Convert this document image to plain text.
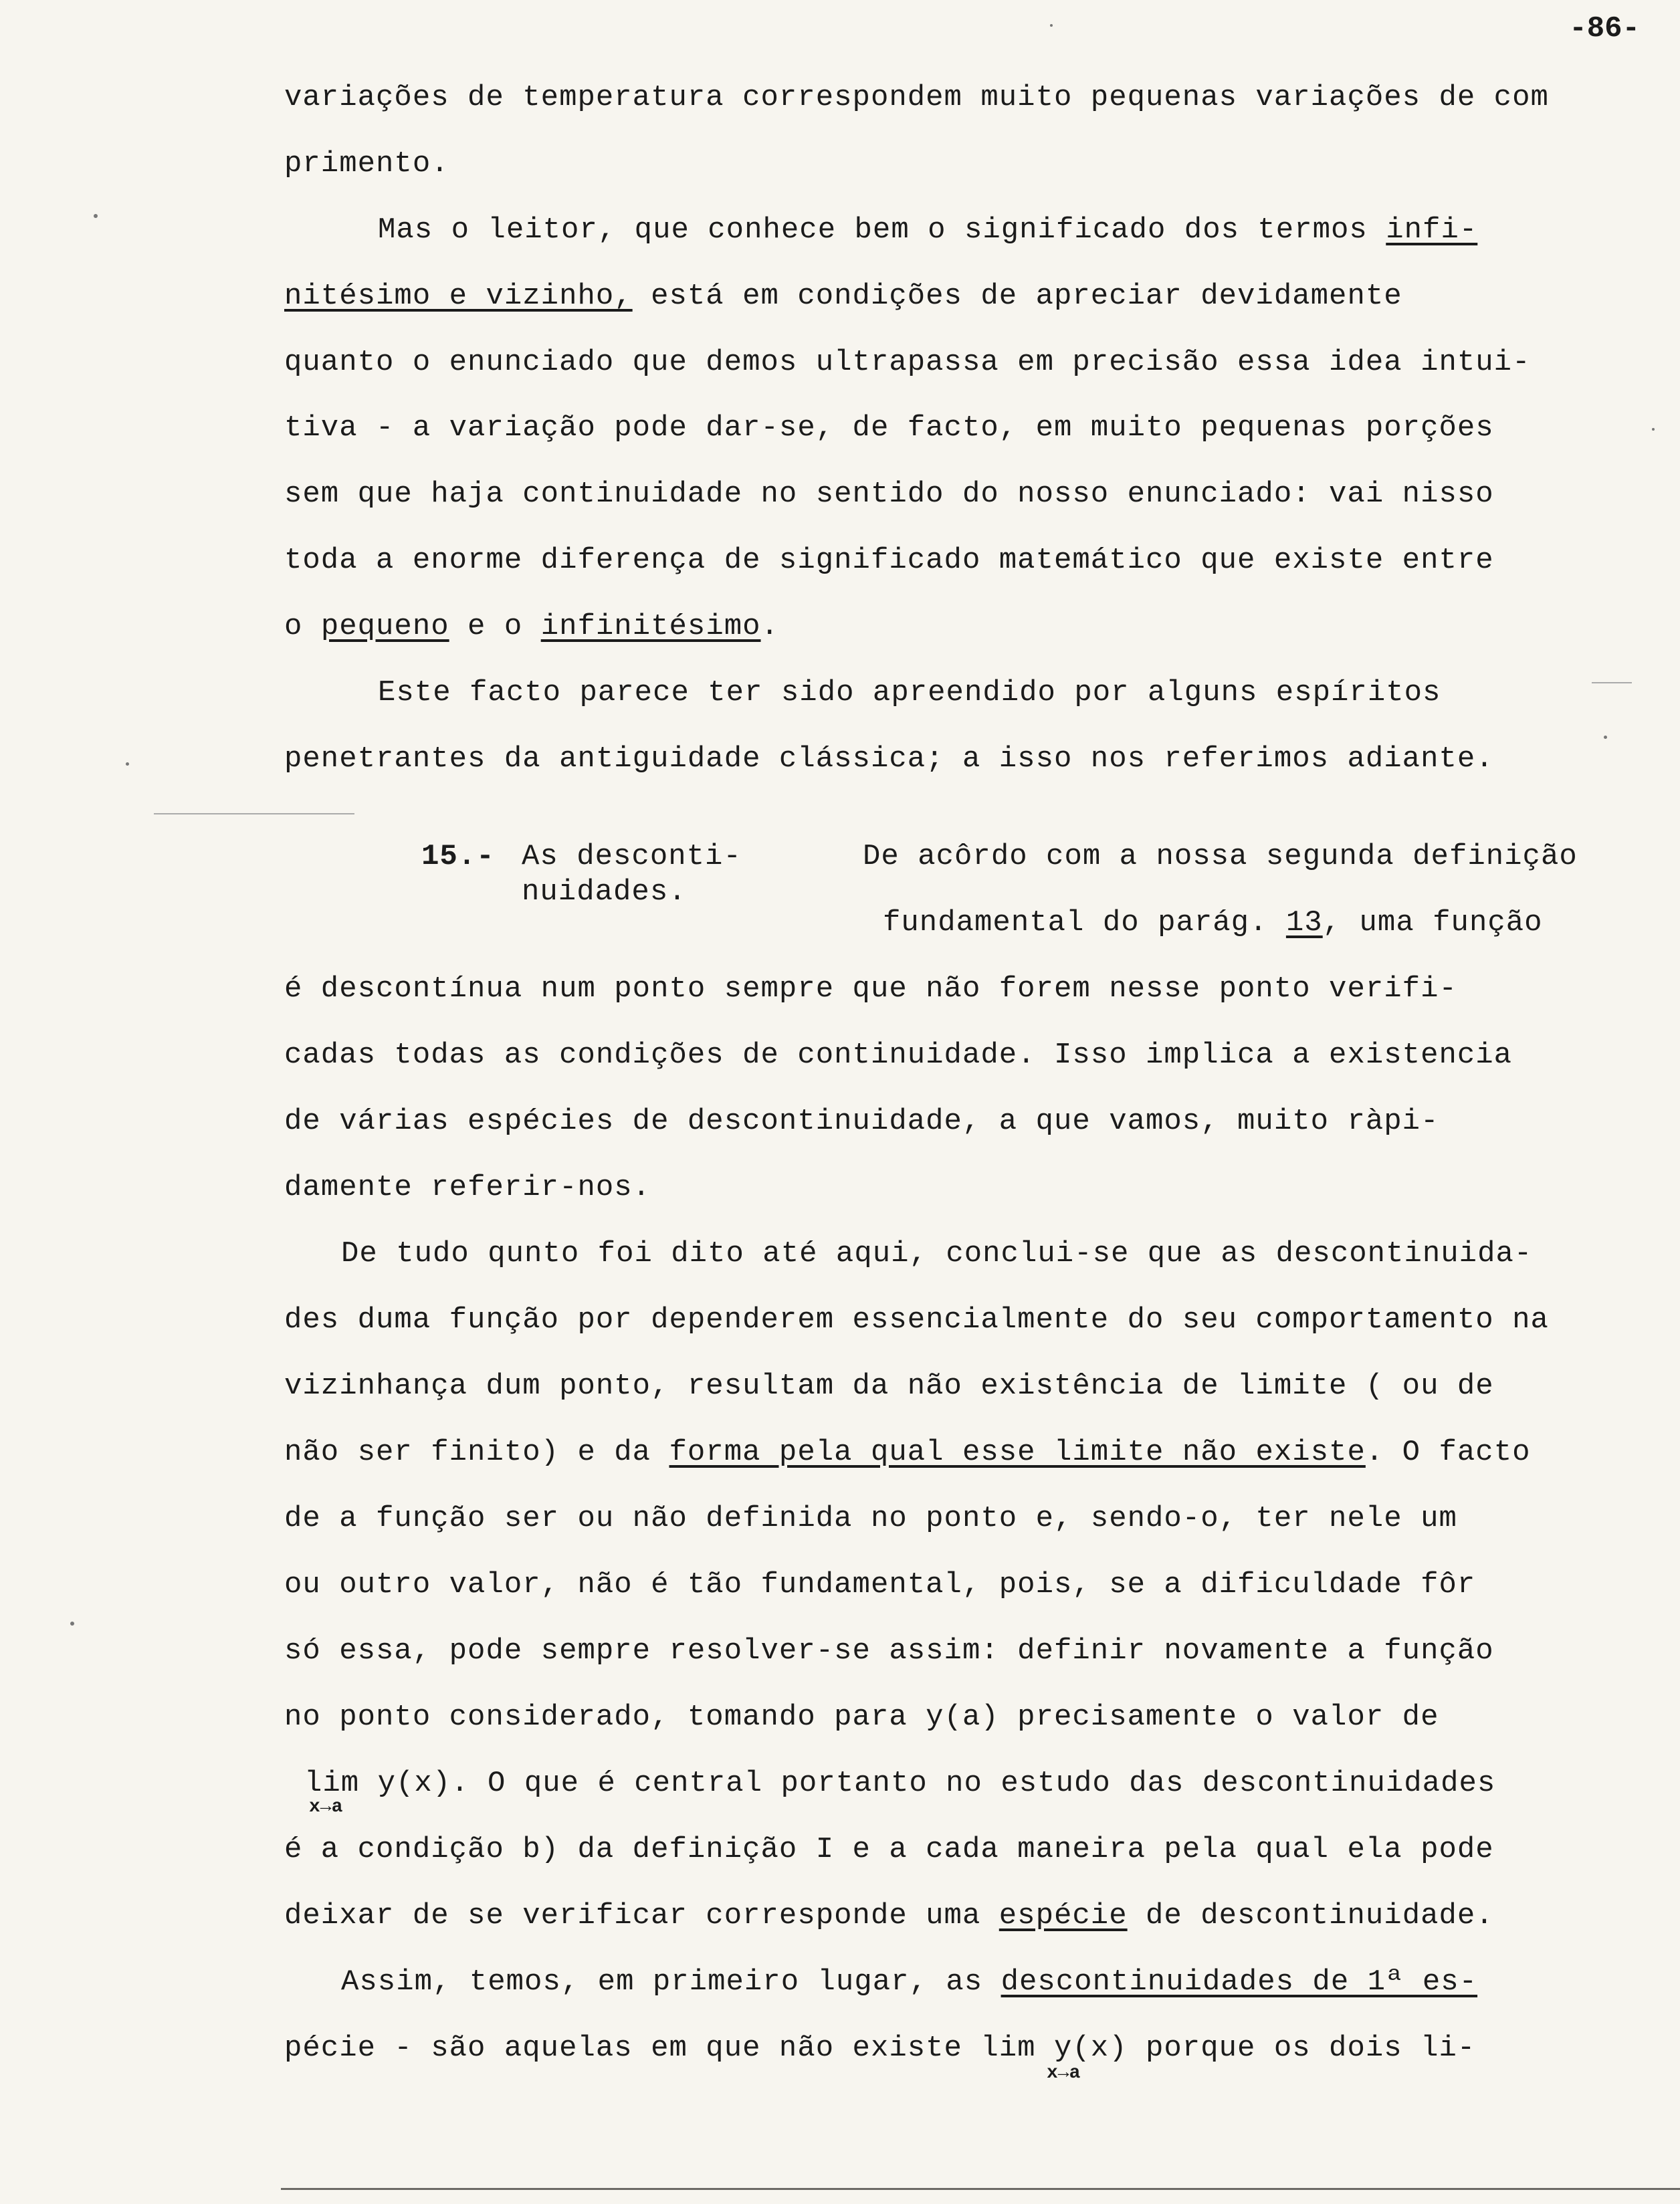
-86-
variações de temperatura correspondem muito pequenas variações de com
primento.
Mas o leitor, que conhece bem o significado dos termos infi-
nitésimo e vizinho, está em condições de apreciar devidamente
quanto o enunciado que demos ultrapassa em precisão essa idea intui-
tiva - a variação pode dar-se, de facto, em muito pequenas porções
sem que haja continuidade no sentido do nosso enunciado: vai nisso
toda a enorme diferença de significado matemático que existe entre
o pequeno e o infinitésimo.
Este facto parece ter sido apreendido por alguns espíritos
penetrantes da antiguidade clássica; a isso nos referimos adiante.
15.- As desconti-
nuidades.
De acôrdo com a nossa segunda definição
fundamental do parág. 13, uma função
é descontínua num ponto sempre que não forem nesse ponto verifi-
cadas todas as condições de continuidade. Isso implica a existencia
de várias espécies de descontinuidade, a que vamos, muito ràpi-
damente referir-nos.
De tudo qunto foi dito até aqui, conclui-se que as descontinuida-
des duma função por dependerem essencialmente do seu comportamento na
vizinhança dum ponto, resultam da não existência de limite ( ou de
não ser finito) e da forma pela qual esse limite não existe. O facto
de a função ser ou não definida no ponto e, sendo-o, ter nele um
ou outro valor, não é tão fundamental, pois, se a dificuldade fôr
só essa, pode sempre resolver-se assim: definir novamente a função
no ponto considerado, tomando para y(a) precisamente o valor de
lim y(x). O que é central portanto no estudo das descontinuidades
x→a
é a condição b) da definição I e a cada maneira pela qual ela pode
deixar de se verificar corresponde uma espécie de descontinuidade.
Assim, temos, em primeiro lugar, as descontinuidades de 1ª es-
pécie - são aquelas em que não existe lim y(x) porque os dois li-
x→a
